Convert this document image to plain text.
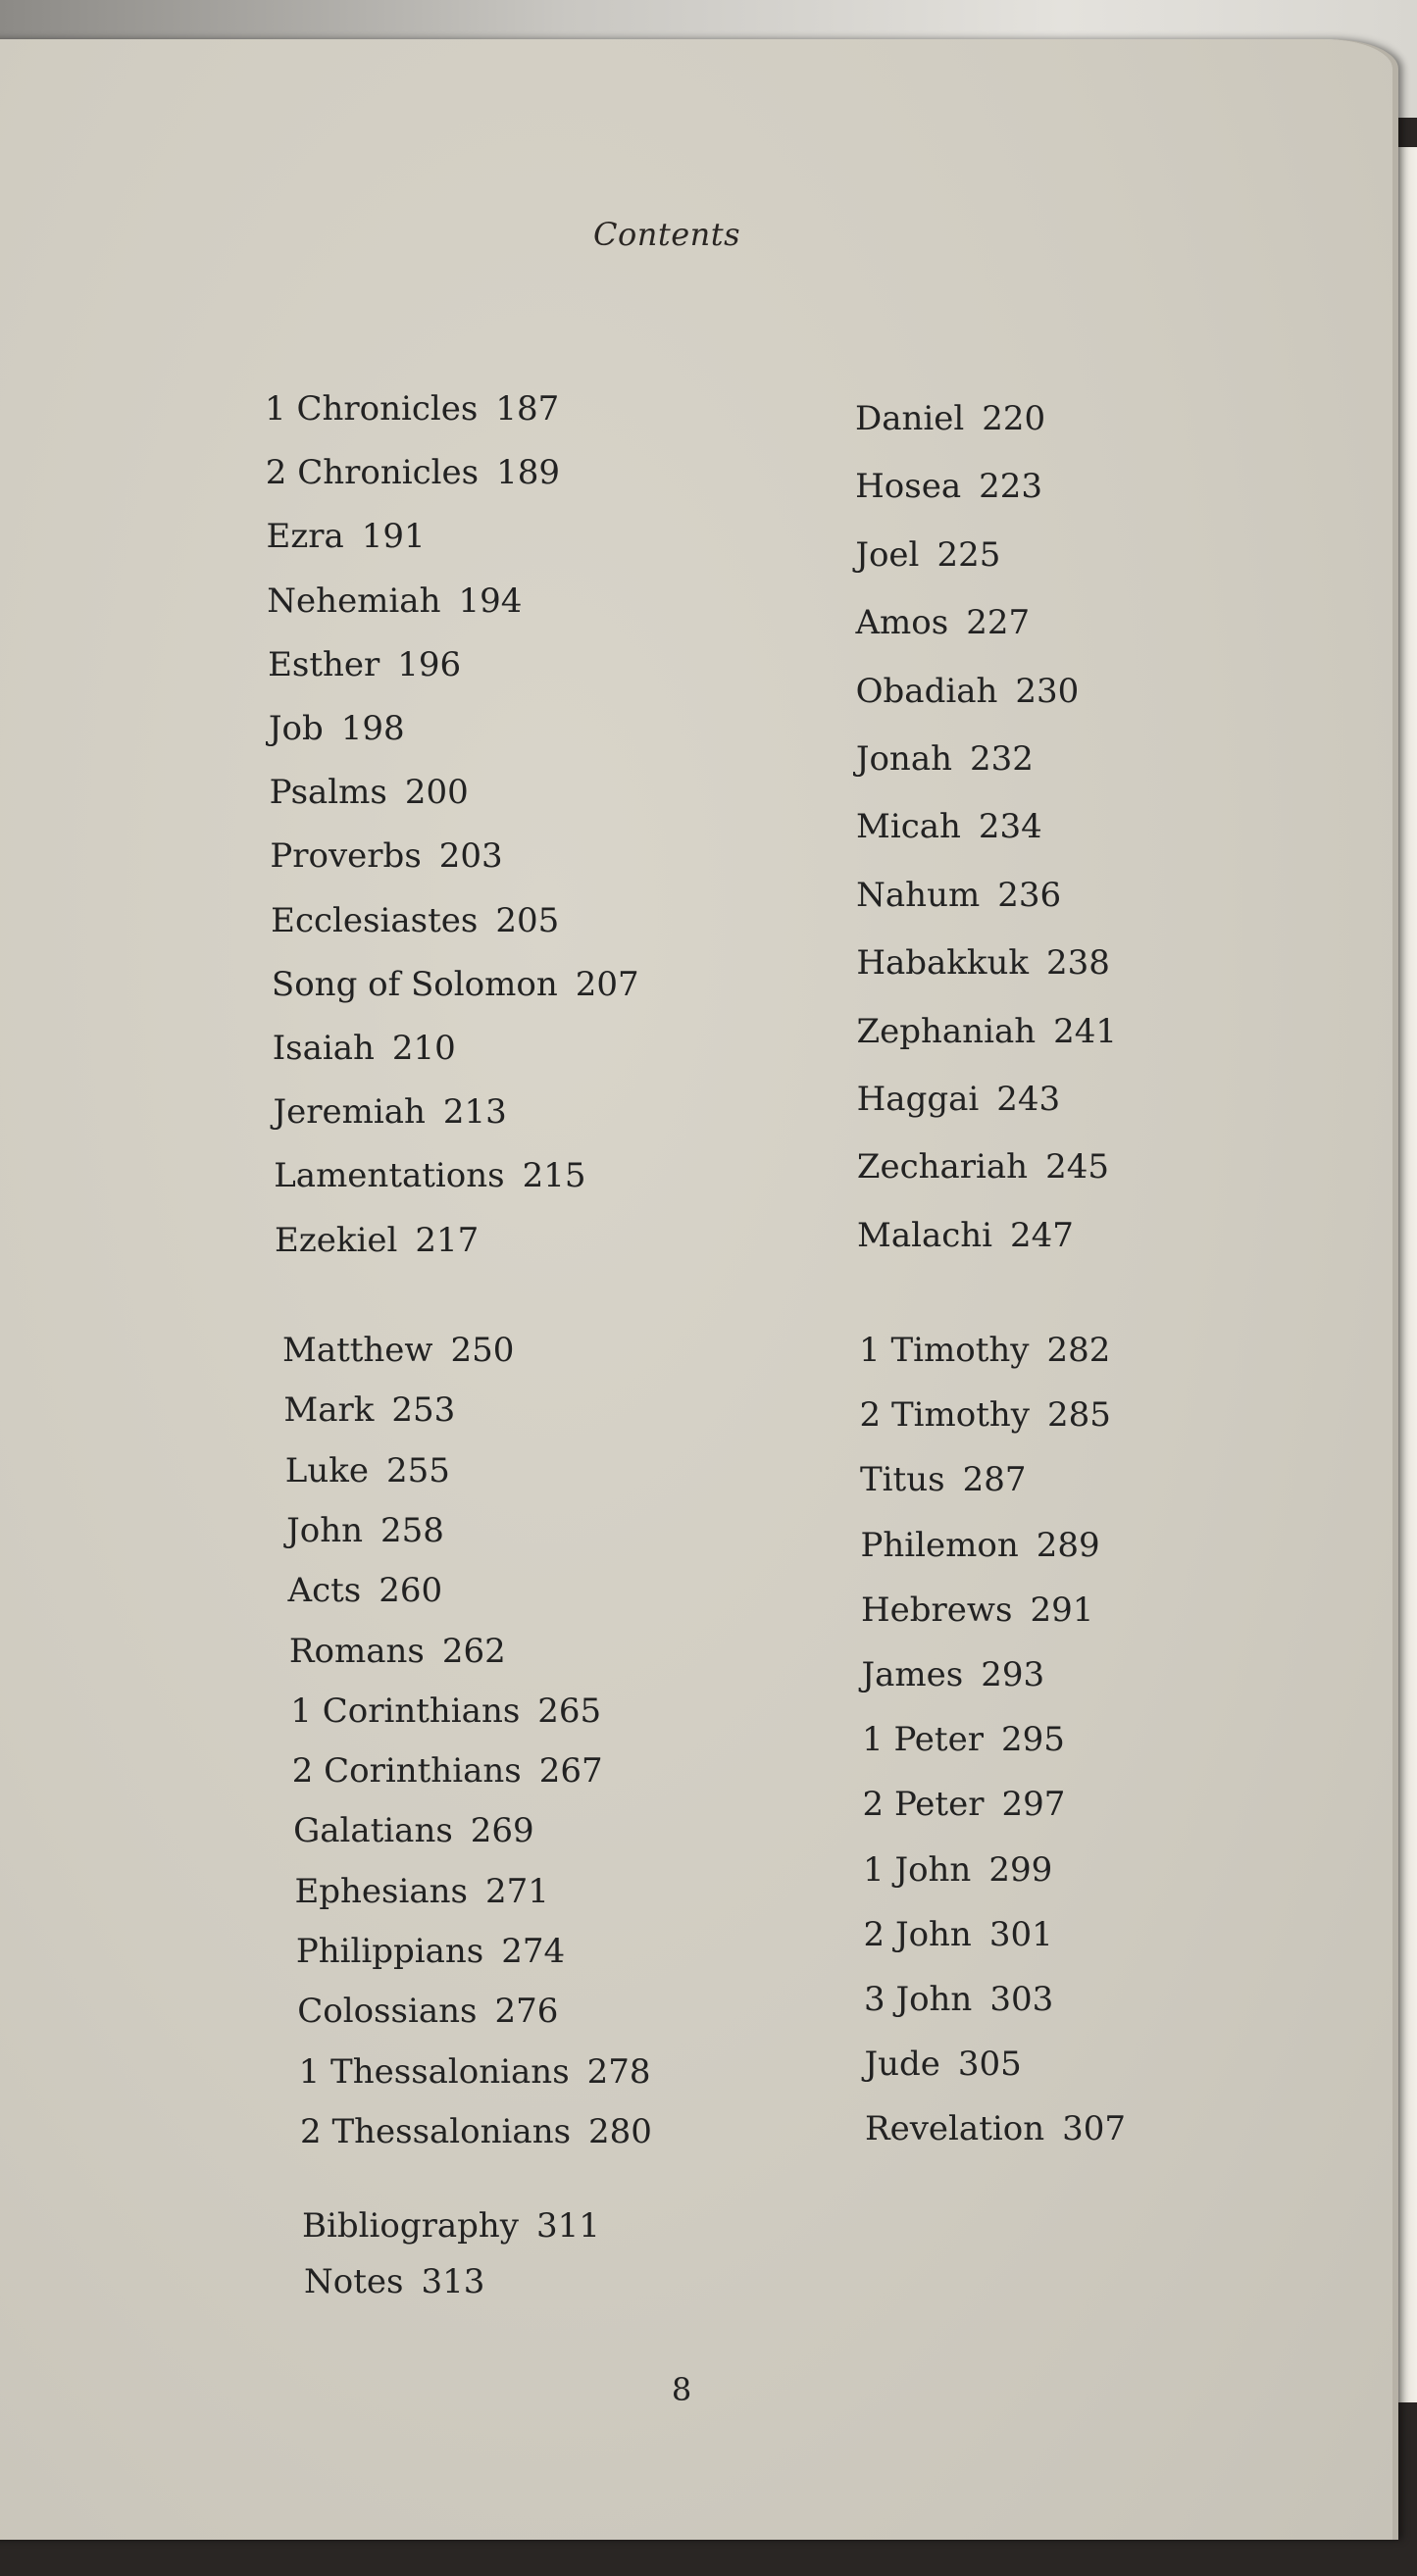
Contents
1 Chronicles 187
2 Chronicles 189
Ezra 191
Nehemiah 194
Esther 196
Job 198
Psalms 200
Proverbs 203
Ecclesiastes 205
Song of Solomon 207
Isaiah 210
Jeremiah 213
Lamentations 215
Ezekiel 217
Daniel 220
Hosea 223
Joel 225
Amos 227
Obadiah 230
Jonah 232
Micah 234
Nahum 236
Habakkuk 238
Zephaniah 241
Haggai 243
Zechariah 245
Malachi 247
Matthew 250
Mark 253
Luke 255
John 258
Acts 260
Romans 262
1 Corinthians 265
2 Corinthians 267
Galatians 269
Ephesians 271
Philippians 274
Colossians 276
1 Thessalonians 278
2 Thessalonians 280
1 Timothy 282
2 Timothy 285
Titus 287
Philemon 289
Hebrews 291
James 293
1 Peter 295
2 Peter 297
1 John 299
2 John 301
3 John 303
Jude 305
Revelation 307
Bibliography 311
Notes 313
8
